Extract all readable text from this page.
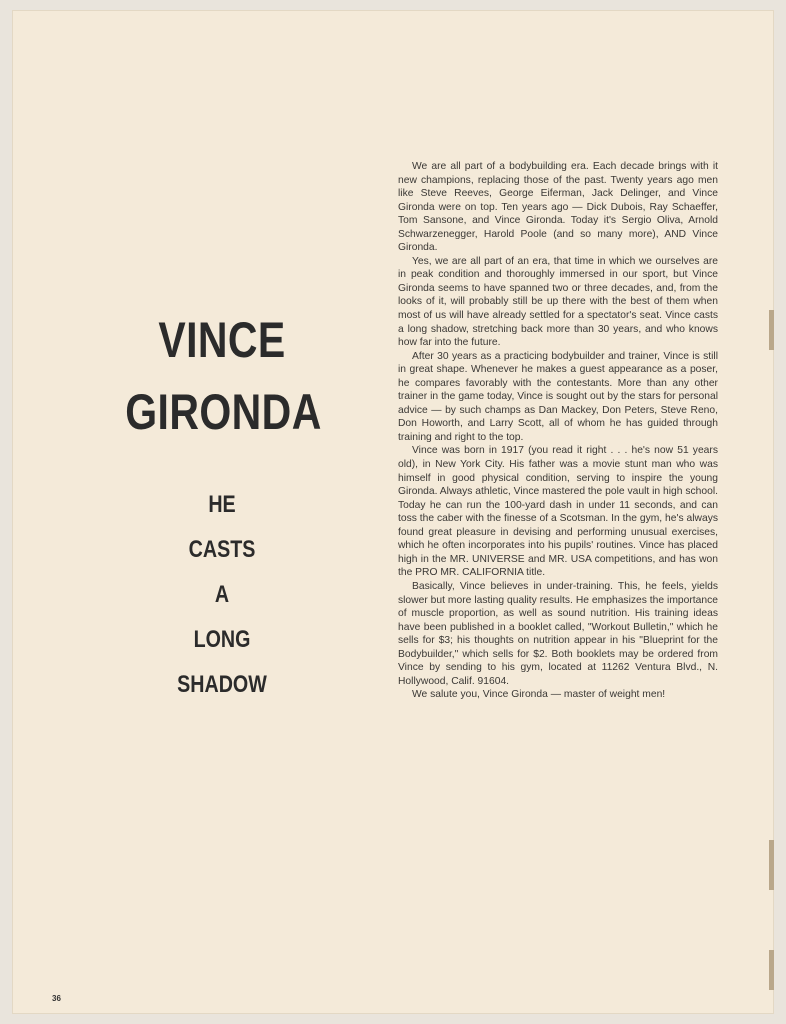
VINCE
GIRONDA
HE
CASTS
A
LONG
SHADOW

We are all part of a bodybuilding era. Each decade brings with it new champions, replacing those of the past. Twenty years ago men like Steve Reeves, George Eiferman, Jack Delinger, and Vince Gironda were on top. Ten years ago — Dick Dubois, Ray Schaeffer, Tom Sansone, and Vince Gironda. Today it's Sergio Oliva, Arnold Schwarzenegger, Harold Poole (and so many more), AND Vince Gironda.

Yes, we are all part of an era, that time in which we ourselves are in peak condition and thoroughly immersed in our sport, but Vince Gironda seems to have spanned two or three decades, and, from the looks of it, will probably still be up there with the best of them when most of us will have already settled for a spectator's seat. Vince casts a long shadow, stretching back more than 30 years, and who knows how far into the future.

After 30 years as a practicing bodybuilder and trainer, Vince is still in great shape. Whenever he makes a guest appearance as a poser, he compares favorably with the contestants. More than any other trainer in the game today, Vince is sought out by the stars for personal advice — by such champs as Dan Mackey, Don Peters, Steve Reno, Don Howorth, and Larry Scott, all of whom he has guided through training and right to the top.

Vince was born in 1917 (you read it right . . . he's now 51 years old), in New York City. His father was a movie stunt man who was himself in good physical condition, serving to inspire the young Gironda. Always athletic, Vince mastered the pole vault in high school. Today he can run the 100-yard dash in under 11 seconds, and can toss the caber with the finesse of a Scotsman. In the gym, he's always found great pleasure in devising and performing unusual exercises, which he often incorporates into his pupils' routines. Vince has placed high in the MR. UNIVERSE and MR. USA competitions, and has won the PRO MR. CALIFORNIA title.

Basically, Vince believes in under-training. This, he feels, yields slower but more lasting quality results. He emphasizes the importance of muscle proportion, as well as sound nutrition. His training ideas have been published in a booklet called, "Workout Bulletin," which he sells for $3; his thoughts on nutrition appear in his "Blueprint for the Bodybuilder," which sells for $2. Both booklets may be ordered from Vince by sending to his gym, located at 11262 Ventura Blvd., N. Hollywood, Calif. 91604.

We salute you, Vince Gironda — master of weight men!

36
